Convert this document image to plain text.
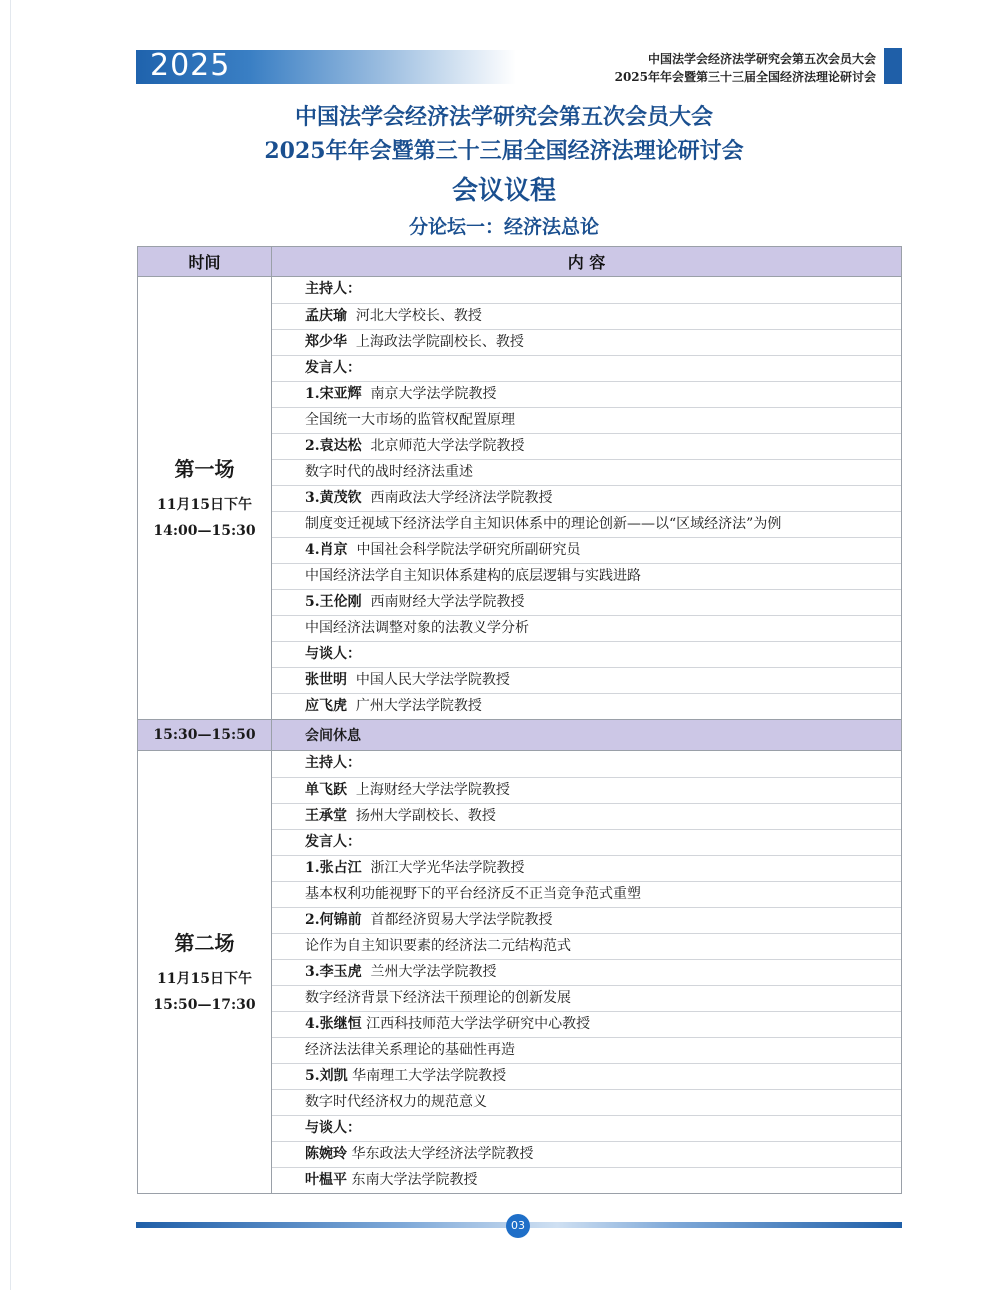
2025	中国法学会经济法学研究会第五次会员大会
2025年年会暨第三十三届全国经济法理论研讨会
中国法学会经济法学研究会第五次会员大会
2025年年会暨第三十三届全国经济法理论研讨会
会议议程
分论坛一：经济法总论
时间	内 容

第一场
11月15日下午
14:00—15:30

主持人：
孟庆瑜 河北大学校长、教授
郑少华 上海政法学院副校长、教授
发言人：
1.宋亚辉 南京大学法学院教授
全国统一大市场的监管权配置原理
2.袁达松 北京师范大学法学院教授
数字时代的战时经济法重述
3.黄茂钦 西南政法大学经济法学院教授
制度变迁视域下经济法学自主知识体系中的理论创新——以“区域经济法”为例
4.肖京 中国社会科学院法学研究所副研究员
中国经济法学自主知识体系建构的底层逻辑与实践进路
5.王伦刚 西南财经大学法学院教授
中国经济法调整对象的法教义学分析
与谈人：
张世明 中国人民大学法学院教授
应飞虎 广州大学法学院教授

15:30—15:50	会间休息

第二场
11月15日下午
15:50—17:30

主持人：
单飞跃 上海财经大学法学院教授
王承堂 扬州大学副校长、教授
发言人：
1.张占江 浙江大学光华法学院教授
基本权利功能视野下的平台经济反不正当竞争范式重塑
2.何锦前 首都经济贸易大学法学院教授
论作为自主知识要素的经济法二元结构范式
3.李玉虎 兰州大学法学院教授
数字经济背景下经济法干预理论的创新发展
4.张继恒 江西科技师范大学法学研究中心教授
经济法法律关系理论的基础性再造
5.刘凯 华南理工大学法学院教授
数字时代经济权力的规范意义
与谈人：
陈婉玲 华东政法大学经济法学院教授
叶榅平 东南大学法学院教授
03
